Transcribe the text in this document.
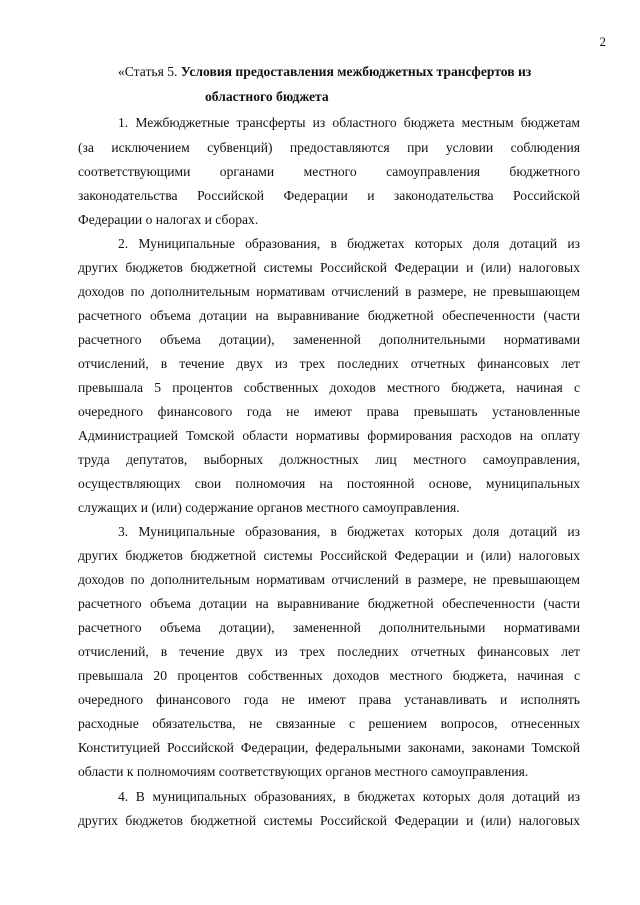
2
«Статья 5. Условия предоставления межбюджетных трансфертов из
областного бюджета
1. Межбюджетные трансферты из областного бюджета местным бюджетам
(за исключением субвенций) предоставляются при условии соблюдения
соответствующими органами местного самоуправления бюджетного
законодательства Российской Федерации и законодательства Российской
Федерации о налогах и сборах.
2. Муниципальные образования, в бюджетах которых доля дотаций из
других бюджетов бюджетной системы Российской Федерации и (или) налоговых
доходов по дополнительным нормативам отчислений в размере, не превышающем
расчетного объема дотации на выравнивание бюджетной обеспеченности (части
расчетного объема дотации), замененной дополнительными нормативами
отчислений, в течение двух из трех последних отчетных финансовых лет
превышала 5 процентов собственных доходов местного бюджета, начиная с
очередного финансового года не имеют права превышать установленные
Администрацией Томской области нормативы формирования расходов на оплату
труда депутатов, выборных должностных лиц местного самоуправления,
осуществляющих свои полномочия на постоянной основе, муниципальных
служащих и (или) содержание органов местного самоуправления.
3. Муниципальные образования, в бюджетах которых доля дотаций из
других бюджетов бюджетной системы Российской Федерации и (или) налоговых
доходов по дополнительным нормативам отчислений в размере, не превышающем
расчетного объема дотации на выравнивание бюджетной обеспеченности (части
расчетного объема дотации), замененной дополнительными нормативами
отчислений, в течение двух из трех последних отчетных финансовых лет
превышала 20 процентов собственных доходов местного бюджета, начиная с
очередного финансового года не имеют права устанавливать и исполнять
расходные обязательства, не связанные с решением вопросов, отнесенных
Конституцией Российской Федерации, федеральными законами, законами Томской
области к полномочиям соответствующих органов местного самоуправления.
4. В муниципальных образованиях, в бюджетах которых доля дотаций из
других бюджетов бюджетной системы Российской Федерации и (или) налоговых
